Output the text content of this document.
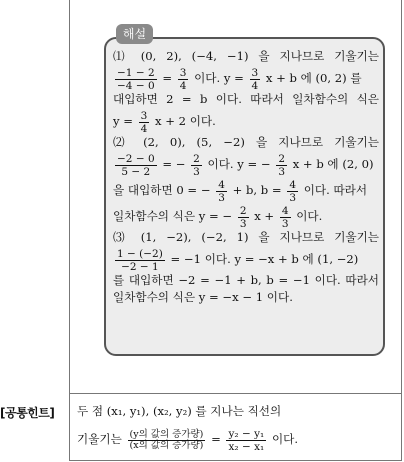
해설
⑴ (0, 2), (−4, −1) 을 지나므로 기울기는
$\frac{-1 - 2}{-4 - 0} = \frac{3}{4}$ 이다. $y = \frac{3}{4}$ x + b 에 (0, 2) 를
대입하면 2 = b 이다. 따라서 일차함수의 식은
$y = \frac{3}{4}$ x + 2 이다.
⑵ (2, 0), (5, −2) 을 지나므로 기울기는
$\frac{-2 - 0}{5 - 2}$ = − $\frac{2}{3}$ 이다. y = − $\frac{2}{3}$ x + b 에 (2, 0)
을 대입하면 0 = − $\frac{4}{3} + b$, $b = \frac{4}{3}$ 이다. 따라서
일차함수의 식은 y = − $\frac{2}{3}$ $x + \frac{4}{3}$ 이다.
⑶ (1, −2), (−2, 1) 을 지나므로 기울기는
$\frac{1 - (-2)}{-2 - 1} = -1$ 이다. y = −x + b 에 (1, −2)
를 대입하면 −2 = −1 + b, b = −1 이다. 따라서
일차함수의 식은 y = −x − 1 이다.
[공통힌트] 두 점 (x₁, y₁), (x₂, y₂) 를 지나는 직선의
기울기는 $\frac{\text{(y의 값의 증가량)}}{\text{(x의 값의 증가량)}} = \frac{\text{y₂ − y₁}}{\text{x₂ − x₁}}$ 이다.
